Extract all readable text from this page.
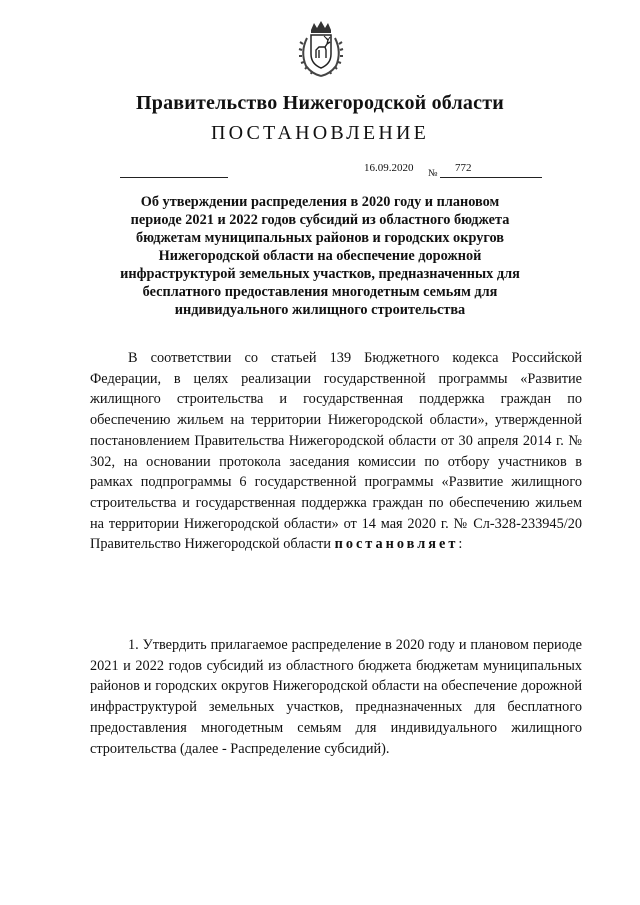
Правительство Нижегородской области
ПОСТАНОВЛЕНИЕ
16.09.2020 № 772
Об утверждении распределения в 2020 году и плановом
периоде 2021 и 2022 годов субсидий из областного бюджета
бюджетам муниципальных районов и городских округов
Нижегородской области на обеспечение дорожной
инфраструктурой земельных участков, предназначенных для
бесплатного предоставления многодетным семьям для
индивидуального жилищного строительства

В соответствии со статьей 139 Бюджетного кодекса Российской Федерации, в целях реализации государственной программы «Развитие жилищного строительства и государственная поддержка граждан по обеспечению жильем на территории Нижегородской области», утвержденной постановлением Правительства Нижегородской области от 30 апреля 2014 г. № 302, на основании протокола заседания комиссии по отбору участников в рамках подпрограммы 6 государственной программы «Развитие жилищного строительства и государственная поддержка граждан по обеспечению жильем на территории Нижегородской области» от 14 мая 2020 г. № Сл-328-233945/20 Правительство Нижегородской области постановляет:

1. Утвердить прилагаемое распределение в 2020 году и плановом периоде 2021 и 2022 годов субсидий из областного бюджета бюджетам муниципальных районов и городских округов Нижегородской области на обеспечение дорожной инфраструктурой земельных участков, предназначенных для бесплатного предоставления многодетным семьям для индивидуального жилищного строительства (далее - Распределение субсидий).
